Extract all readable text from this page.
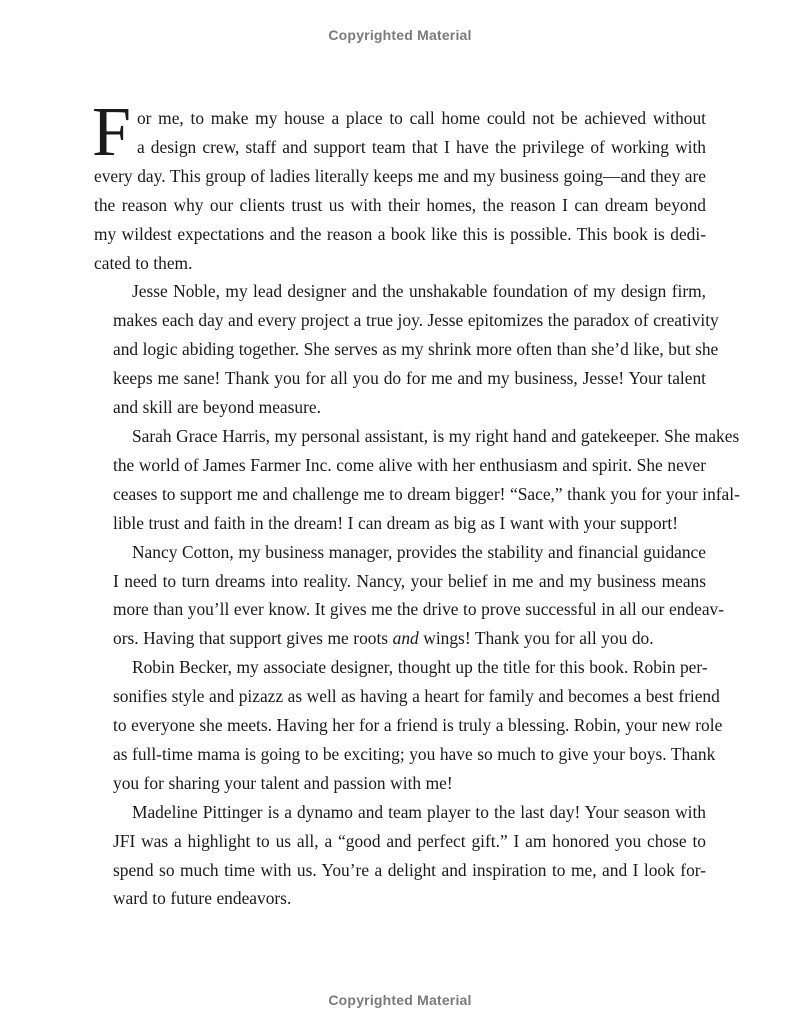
Copyrighted Material
F or me, to make my house a place to call home could not be achieved without
a design crew, staff and support team that I have the privilege of working with
every day. This group of ladies literally keeps me and my business going—and they are
the reason why our clients trust us with their homes, the reason I can dream beyond
my wildest expectations and the reason a book like this is possible. This book is dedi-
cated to them.
Jesse Noble, my lead designer and the unshakable foundation of my design firm,
makes each day and every project a true joy. Jesse epitomizes the paradox of creativity
and logic abiding together. She serves as my shrink more often than she’d like, but she
keeps me sane! Thank you for all you do for me and my business, Jesse! Your talent
and skill are beyond measure.
Sarah Grace Harris, my personal assistant, is my right hand and gatekeeper. She makes
the world of James Farmer Inc. come alive with her enthusiasm and spirit. She never
ceases to support me and challenge me to dream bigger! “Sace,” thank you for your infal-
lible trust and faith in the dream! I can dream as big as I want with your support!
Nancy Cotton, my business manager, provides the stability and financial guidance
I need to turn dreams into reality. Nancy, your belief in me and my business means
more than you’ll ever know. It gives me the drive to prove successful in all our endeav-
ors. Having that support gives me roots and wings! Thank you for all you do.
Robin Becker, my associate designer, thought up the title for this book. Robin per-
sonifies style and pizazz as well as having a heart for family and becomes a best friend
to everyone she meets. Having her for a friend is truly a blessing. Robin, your new role
as full-time mama is going to be exciting; you have so much to give your boys. Thank
you for sharing your talent and passion with me!
Madeline Pittinger is a dynamo and team player to the last day! Your season with
JFI was a highlight to us all, a “good and perfect gift.” I am honored you chose to
spend so much time with us. You’re a delight and inspiration to me, and I look for-
ward to future endeavors.
Copyrighted Material
